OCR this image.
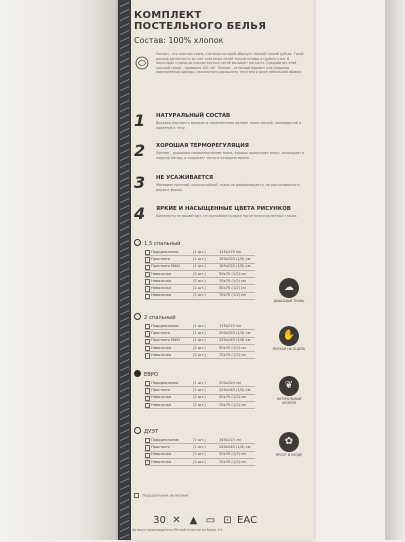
КОМПЛЕКТ
ПОСТЕЛЬНОГО БЕЛЬЯ
Состав: 100% хлопок
Поплин – это плотная ткань, плетение которой образует мелкий тонкий рубчик. Такой рельеф достигается за счёт сочетания нитей тонкой основы и грубого утка. В некоторые страны во многом взяться нитей вызывает мягкость. Средний вес этой прочной ткани – примерно 100 г/м². Поплин – отличный вариант для создания повседневной одежды, изысканного домашнего текстиля и даже небольшой обивки.
1	НАТУРАЛЬНЫЙ СОСТАВ
Высокая плотность волокон и переплетения делают ткань мягкой, шелковистой и приятной к телу.
2	ХОРОШАЯ ТЕРМОРЕГУЛЯЦИЯ
Поплин – дышащая гипоаллергенная ткань, хорошо пропускает влагу, охлаждает в жаркую погоду и сохраняет тепло в холодное время.
3	НЕ УСАЖИВАЕТСЯ
Материал прочный, износостойкий, ткань не деформируется, не растягивается и держит форму.
4	ЯРКИЕ И НАСЫЩЕННЫЕ ЦВЕТА РИСУНКОВ
Комплекты не выцветают, не скатываются даже после многочисленных стирок.
1,5 спальный
Пододеяльник	(1 шт.)	145х215 см
Простыня	(1 шт.)	150х220 (1/5) см
Простыня MAXI	(1 шт.)	165х220 (1/5) см
Наволочка	(2 шт.)	50х70 (1/2) см
Наволочка	(2 шт.)	70х70 (1/2) см
Наволочка	(2 шт.)	50х70 (1/2) см
Наволочка	(2 шт.)	70х70 (1/2) см
2 спальный
Пододеяльник	(1 шт.)	175х215 см
Простыня	(1 шт.)	200х220 (1/4) см
Простыня MAXI	(1 шт.)	220х240 (1/4) см
Наволочка	(2 шт.)	50х70 (1/2) см
Наволочка	(2 шт.)	70х70 (1/2) см
ЕВРО
Пододеяльник	(1 шт.)	200х220 см
Простыня	(1 шт.)	220х240 (1/5) см
Наволочка	(2 шт.)	50х70 (1/2) см
Наволочка	(2 шт.)	70х70 (1/2) см
ДУЭТ
Пододеяльник	(2 шт.)	145х215 см
Простыня	(1 шт.)	220х240 (1/4) см
Наволочка	(2 шт.)	50х70 (1/2) см
Наволочка	(2 шт.)	70х70 (1/2) см
☁
ДЫШАЩАЯ ТКАНЬ
✋
МЯГКАЯ НА ОЩУПЬ
❦
НАТУРАЛЬНЫЙ ХЛОПОК
✿
ПРОСТ В УХОДЕ
Пододеяльник на молнии
30 ✕ ▲ ▭ ⊡ ЕАС
Артикул производителя Лёгкий отмотки на базах 1%
